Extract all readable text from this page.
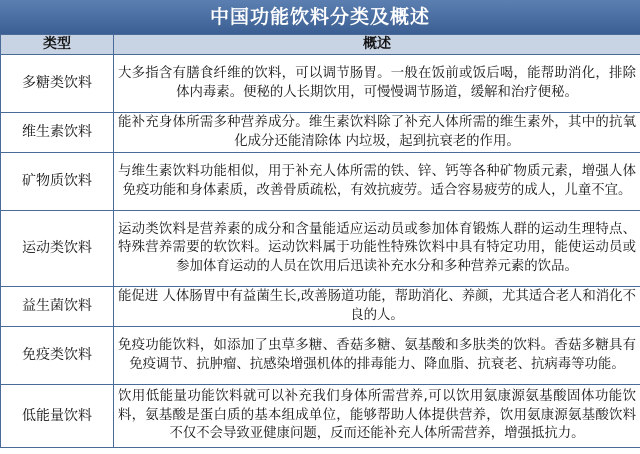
中国功能饮料分类及概述
类型	概述
多糖类饮料	大多指含有膳食纤维的饮料，可以调节肠胃。一般在饭前或饭后喝，能帮助消化，排除体内毒素。便秘的人长期饮用，可慢慢调节肠道，缓解和治疗便秘。
维生素饮料	能补充身体所需多种营养成分。维生素饮料除了补充人体所需的维生素外，其中的抗氧化成分还能清除体 内垃圾，起到抗衰老的作用。
矿物质饮料	与维生素饮料功能相似，用于补充人体所需的铁、锌、钙等各种矿物质元素，增强人体免疫功能和身体素质，改善骨质疏松，有效抗疲劳。适合容易疲劳的成人，儿童不宜。
运动类饮料	运动类饮料是营养素的成分和含量能适应运动员或参加体育锻炼人群的运动生理特点、特殊营养需要的软饮料。运动饮料属于功能性特殊饮料中具有特定功用，能使运动员或参加体育运动的人员在饮用后迅读补充水分和多种营养元素的饮品。
益生菌饮料	能促进 人体肠胃中有益菌生长,改善肠道功能，帮助消化、养颜，尤其适合老人和消化不良的人。
免疫类饮料	免疫功能饮料，如添加了虫草多糖、香菇多糖、氨基酸和多肤类的饮料。香菇多糖具有免疫调节、抗肿瘤、抗感染增强机体的排毒能力、降血脂、抗衰老、抗病毒等功能。
低能量饮料	饮用低能量功能饮料就可以补充我们身体所需营养,可以饮用氨康源氨基酸固体功能饮料，氨基酸是蛋白质的基本组成单位，能够帮助人体提供营养，饮用氨康源氨基酸饮料不仅不会导致亚健康问题，反而还能补充人体所需营养，增强抵抗力。
